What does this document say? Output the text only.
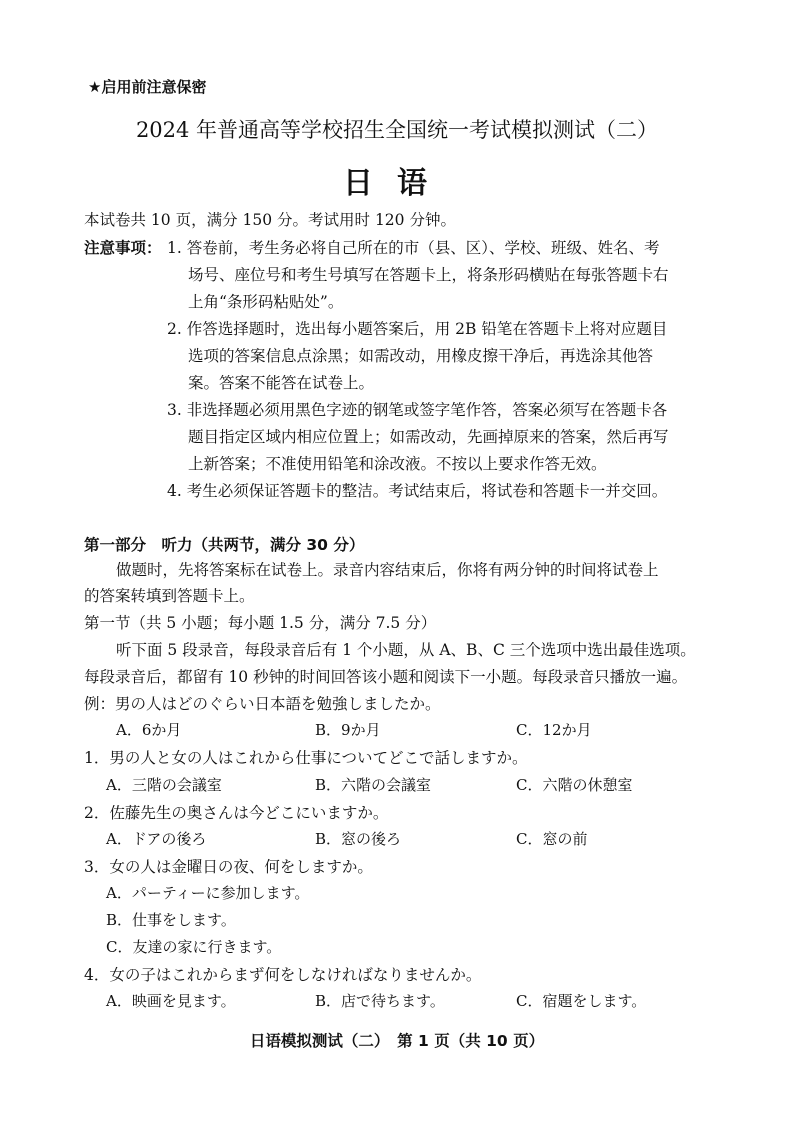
★启用前注意保密
2024 年普通高等学校招生全国统一考试模拟测试（二）
日语
本试卷共 10 页，满分 150 分。考试用时 120 分钟。
注意事项： 1. 答卷前，考生务必将自己所在的市（县、区）、学校、班级、姓名、考
场号、座位号和考生号填写在答题卡上，将条形码横贴在每张答题卡右
上角“条形码粘贴处”。
2. 作答选择题时，选出每小题答案后，用 2B 铅笔在答题卡上将对应题目
选项的答案信息点涂黑；如需改动，用橡皮擦干净后，再选涂其他答
案。答案不能答在试卷上。
3. 非选择题必须用黑色字迹的钢笔或签字笔作答，答案必须写在答题卡各
题目指定区域内相应位置上；如需改动，先画掉原来的答案，然后再写
上新答案；不准使用铅笔和涂改液。不按以上要求作答无效。
4. 考生必须保证答题卡的整洁。考试结束后，将试卷和答题卡一并交回。
第一部分　听力（共两节，满分 30 分）
做题时，先将答案标在试卷上。录音内容结束后，你将有两分钟的时间将试卷上
的答案转填到答题卡上。
第一节（共 5 小题；每小题 1.5 分，满分 7.5 分）
听下面 5 段录音，每段录音后有 1 个小题，从 A、B、C 三个选项中选出最佳选项。
每段录音后，都留有 10 秒钟的时间回答该小题和阅读下一小题。每段录音只播放一遍。
例：男の人はどのぐらい日本語を勉強しましたか。
A．6か月	B．9か月	C．12か月
1．男の人と女の人はこれから仕事についてどこで話しますか。
A．三階の会議室	B．六階の会議室	C．六階の休憩室
2．佐藤先生の奥さんは今どこにいますか。
A．ドアの後ろ	B．窓の後ろ	C．窓の前
3．女の人は金曜日の夜、何をしますか。
A．パーティーに参加します。
B．仕事をします。
C．友達の家に行きます。
4．女の子はこれからまず何をしなければなりませんか。
A．映画を見ます。	B．店で待ちます。	C．宿題をします。
日语模拟测试（二）　第 1 页（共 10 页）
